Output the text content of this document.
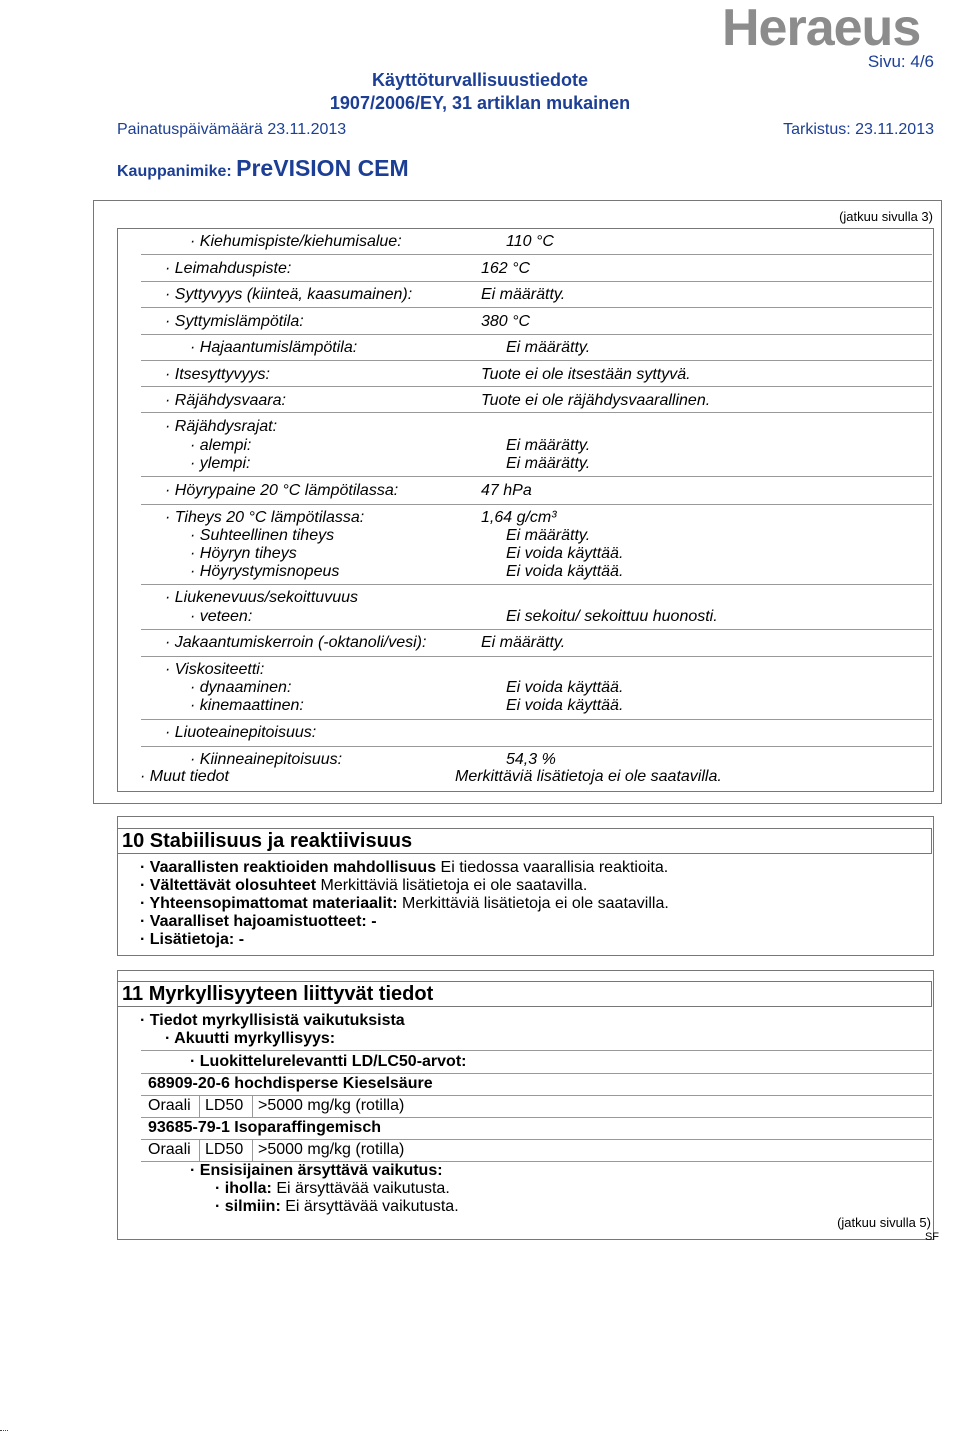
Heraeus
Sivu: 4/6
Käyttöturvallisuustiedote
1907/2006/EY, 31 artiklan mukainen
Painatuspäivämäärä 23.11.2013	Tarkistus: 23.11.2013
Kauppanimike: PreVISION CEM
(jatkuu sivulla 3)
· Kiehumispiste/kiehumisalue:	110 °C
· Leimahduspiste:	162 °C
· Syttyvyys (kiinteä, kaasumainen):	Ei määrätty.
· Syttymislämpötila:	380 °C
· Hajaantumislämpötila:	Ei määrätty.
· Itsesyttyvyys:	Tuote ei ole itsestään syttyvä.
· Räjähdysvaara:	Tuote ei ole räjähdysvaarallinen.
· Räjähdysrajat:
· alempi:	Ei määrätty.
· ylempi:	Ei määrätty.
· Höyrypaine 20 °C lämpötilassa:	47 hPa
· Tiheys 20 °C lämpötilassa:	1,64 g/cm³
· Suhteellinen tiheys	Ei määrätty.
· Höyryn tiheys	Ei voida käyttää.
· Höyrystymisnopeus	Ei voida käyttää.
· Liukenevuus/sekoittuvuus
· veteen:	Ei sekoitu/ sekoittuu huonosti.
· Jakaantumiskerroin (-oktanoli/vesi):	Ei määrätty.
· Viskositeetti:
· dynaaminen:	Ei voida käyttää.
· kinemaattinen:	Ei voida käyttää.
· Liuoteainepitoisuus:
· Kiinneainepitoisuus:	54,3 %
· Muut tiedot	Merkittäviä lisätietoja ei ole saatavilla.
10 Stabiilisuus ja reaktiivisuus
· Vaarallisten reaktioiden mahdollisuus Ei tiedossa vaarallisia reaktioita.
· Vältettävät olosuhteet Merkittäviä lisätietoja ei ole saatavilla.
· Yhteensopimattomat materiaalit: Merkittäviä lisätietoja ei ole saatavilla.
· Vaaralliset hajoamistuotteet: -
· Lisätietoja: -
11 Myrkyllisyyteen liittyvät tiedot
· Tiedot myrkyllisistä vaikutuksista
· Akuutti myrkyllisyys:
· Luokittelurelevantti LD/LC50-arvot:
68909-20-6 hochdisperse Kieselsäure
Oraali LD50 >5000 mg/kg (rotilla)
93685-79-1 Isoparaffingemisch
Oraali LD50 >5000 mg/kg (rotilla)
· Ensisijainen ärsyttävä vaikutus:
· iholla: Ei ärsyttävää vaikutusta.
· silmiin: Ei ärsyttävää vaikutusta.
(jatkuu sivulla 5)
SF
